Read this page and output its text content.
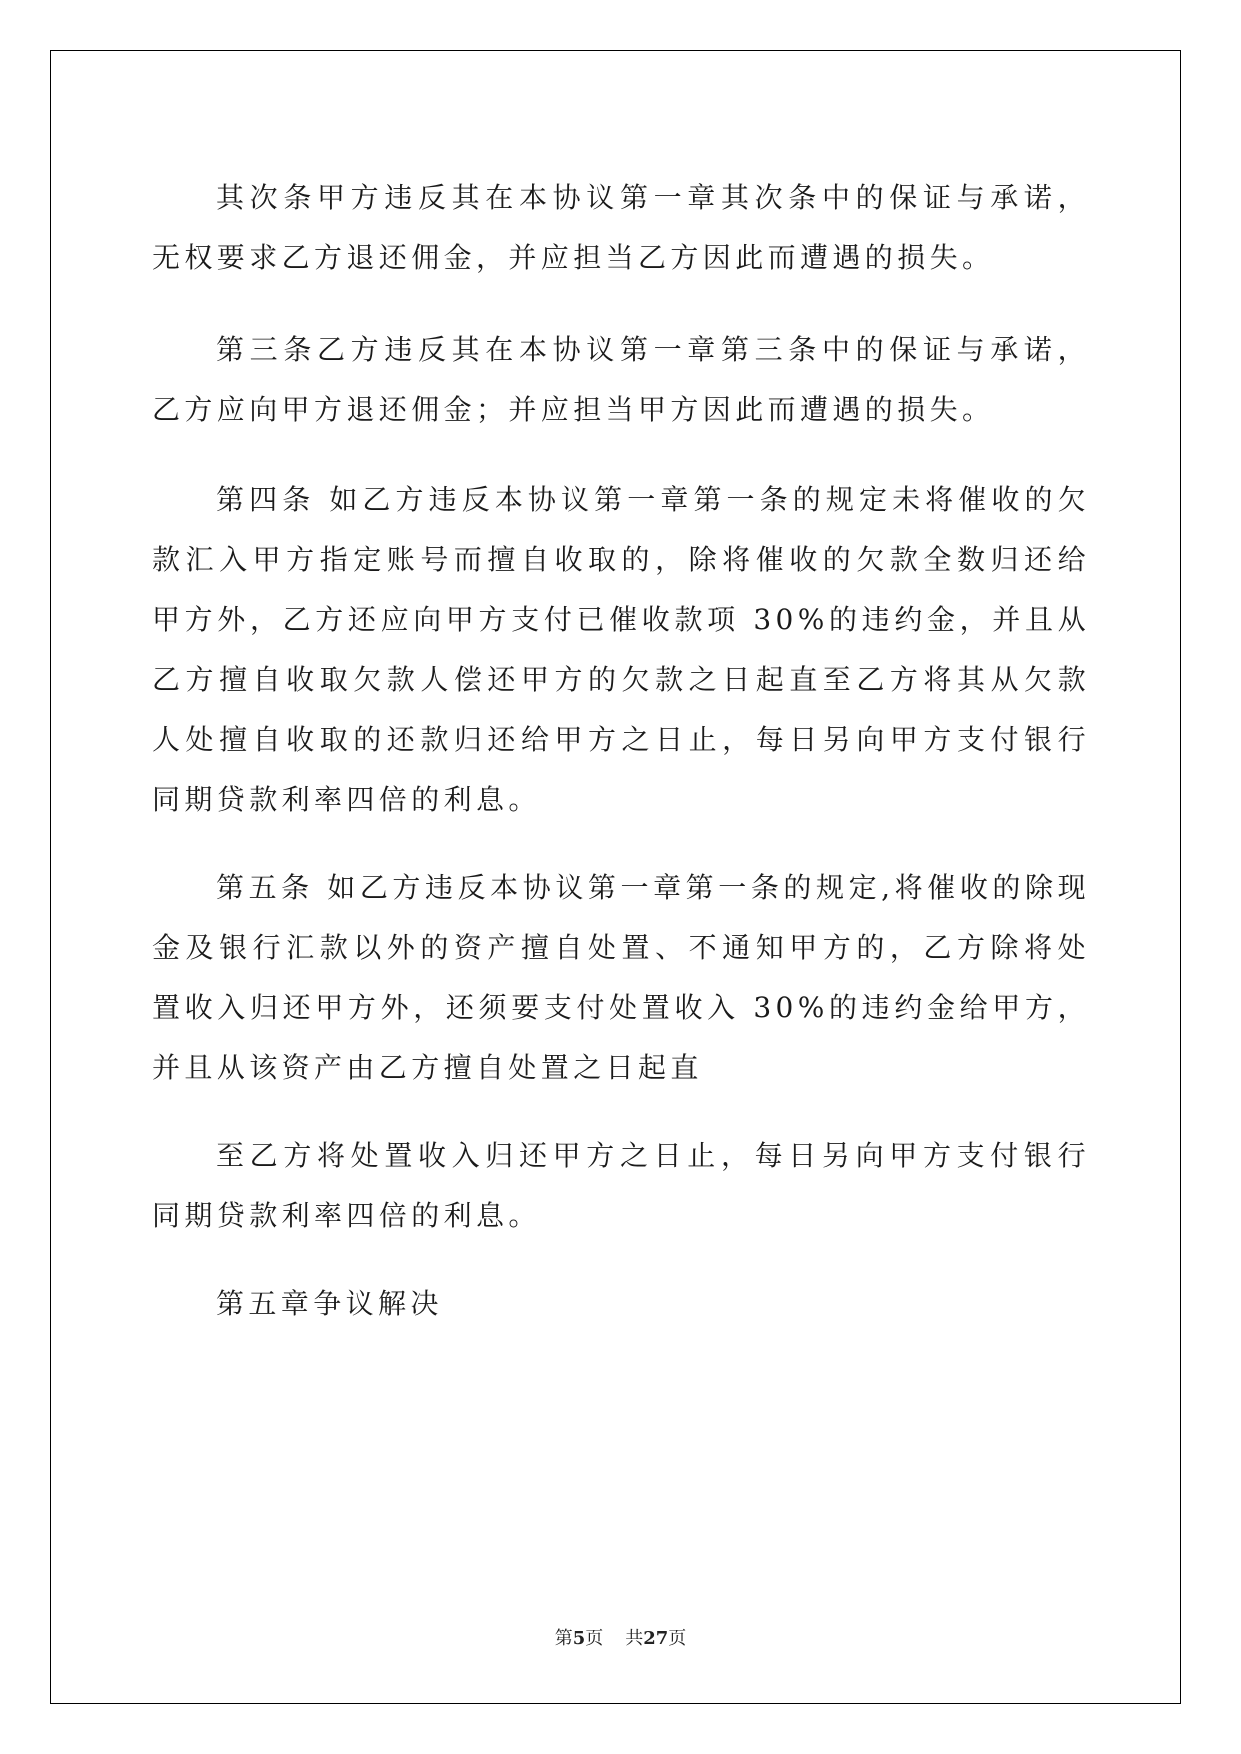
其次条甲方违反其在本协议第一章其次条中的保证与承诺，无权要求乙方退还佣金，并应担当乙方因此而遭遇的损失。

第三条乙方违反其在本协议第一章第三条中的保证与承诺，乙方应向甲方退还佣金；并应担当甲方因此而遭遇的损失。

第四条 如乙方违反本协议第一章第一条的规定未将催收的欠款汇入甲方指定账号而擅自收取的，除将催收的欠款全数归还给甲方外，乙方还应向甲方支付已催收款项 30%的违约金，并且从乙方擅自收取欠款人偿还甲方的欠款之日起直至乙方将其从欠款人处擅自收取的还款归还给甲方之日止，每日另向甲方支付银行同期贷款利率四倍的利息。

第五条 如乙方违反本协议第一章第一条的规定,将催收的除现金及银行汇款以外的资产擅自处置、不通知甲方的，乙方除将处置收入归还甲方外，还须要支付处置收入 30%的违约金给甲方，并且从该资产由乙方擅自处置之日起直

至乙方将处置收入归还甲方之日止，每日另向甲方支付银行同期贷款利率四倍的利息。

第五章争议解决

第5页 共27页
